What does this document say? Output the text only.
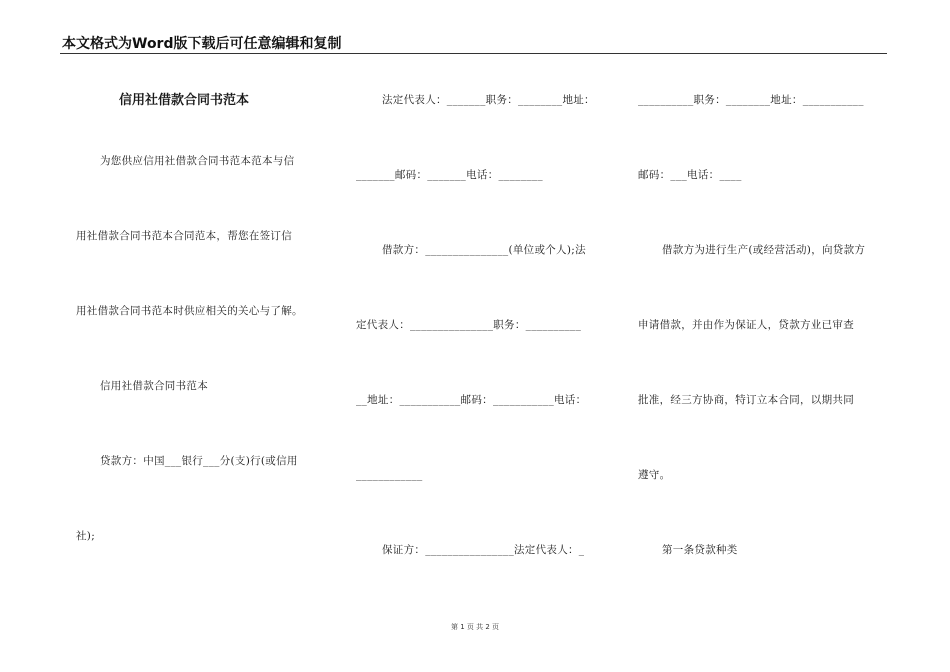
本文格式为Word版下载后可任意编辑和复制
信用社借款合同书范本
为您供应信用社借款合同书范本范本与信
用社借款合同书范本合同范本，帮您在签订信
用社借款合同书范本时供应相关的关心与了解。
信用社借款合同书范本
贷款方：中国___银行___分(支)行(或信用
社);
法定代表人：_______职务：________地址：
_______邮码：_______电话：________
借款方：_______________(单位或个人);法
定代表人：_______________职务：__________
__地址：___________邮码：___________电话：
____________
保证方：________________法定代表人：_
__________职务：________地址：___________
邮码：___电话：____
借款方为进行生产(或经营活动)，向贷款方
申请借款，并由作为保证人，贷款方业已审查
批准，经三方协商，特订立本合同，以期共同
遵守。
第一条贷款种类
第 1 页 共 2 页
